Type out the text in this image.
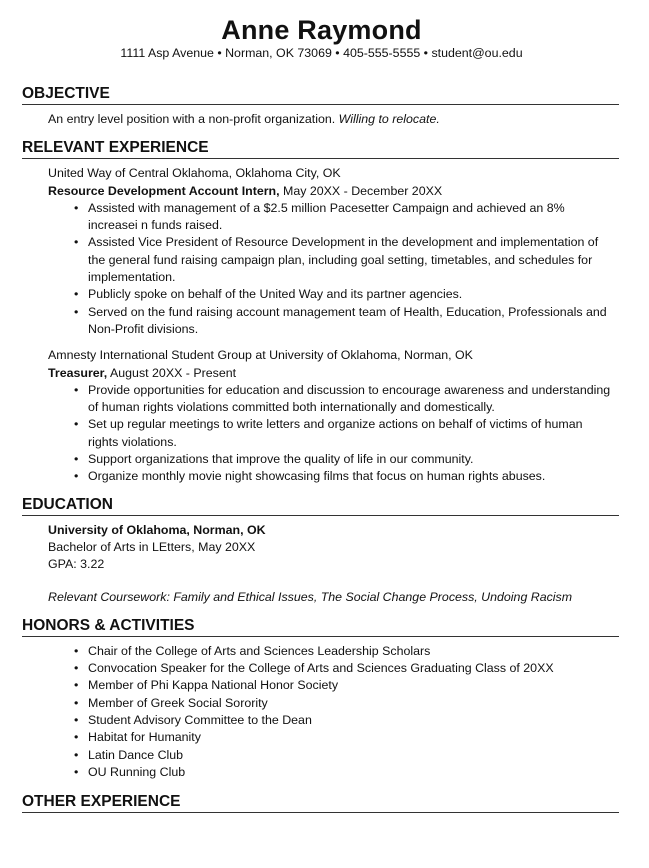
Anne Raymond
1111 Asp Avenue • Norman, OK 73069 • 405-555-5555 • student@ou.edu
OBJECTIVE
An entry level position with a non-profit organization. Willing to relocate.
RELEVANT EXPERIENCE
United Way of Central Oklahoma, Oklahoma City, OK
Resource Development Account Intern, May 20XX - December 20XX
• Assisted with management of a $2.5 million Pacesetter Campaign and achieved an 8% increasei n funds raised.
• Assisted Vice President of Resource Development in the development and implementation of the general fund raising campaign plan, including goal setting, timetables, and schedules for implementation.
• Publicly spoke on behalf of the United Way and its partner agencies.
• Served on the fund raising account management team of Health, Education, Professionals and Non-Profit divisions.
Amnesty International Student Group at University of Oklahoma, Norman, OK
Treasurer, August 20XX - Present
• Provide opportunities for education and discussion to encourage awareness and understanding of human rights violations committed both internationally and domestically.
• Set up regular meetings to write letters and organize actions on behalf of victims of human rights violations.
• Support organizations that improve the quality of life in our community.
• Organize monthly movie night showcasing films that focus on human rights abuses.
EDUCATION
University of Oklahoma, Norman, OK
Bachelor of Arts in LEtters, May 20XX
GPA: 3.22
Relevant Coursework: Family and Ethical Issues, The Social Change Process, Undoing Racism
HONORS & ACTIVITIES
• Chair of the College of Arts and Sciences Leadership Scholars
• Convocation Speaker for the College of Arts and Sciences Graduating Class of 20XX
• Member of Phi Kappa National Honor Society
• Member of Greek Social Sorority
• Student Advisory Committee to the Dean
• Habitat for Humanity
• Latin Dance Club
• OU Running Club
OTHER EXPERIENCE
